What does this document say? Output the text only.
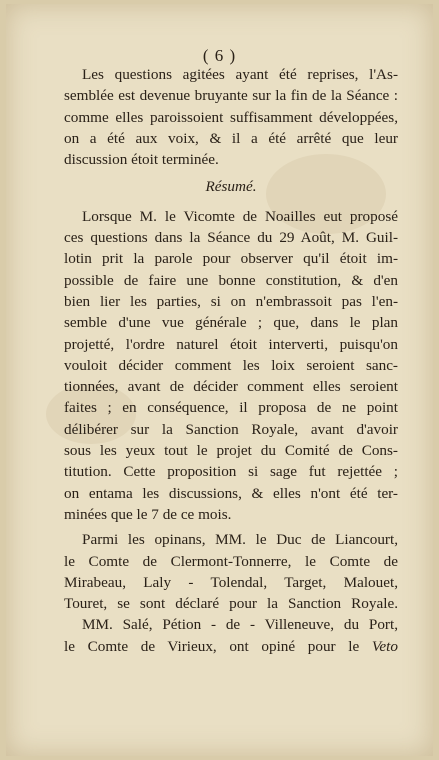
( 6 )
Les questions agitées ayant été reprises, l'As-
semblée est devenue bruyante sur la fin de la Séance :
comme elles paroissoient suffisamment développées,
on a été aux voix, & il a été arrêté que leur
discussion étoit terminée.
Résumé.
Lorsque M. le Vicomte de Noailles eut proposé
ces questions dans la Séance du 29 Août, M. Guil-
lotin prit la parole pour observer qu'il étoit im-
possible de faire une bonne constitution, & d'en
bien lier les parties, si on n'embrassoit pas l'en-
semble d'une vue générale ; que, dans le plan
projetté, l'ordre naturel étoit interverti, puisqu'on
vouloit décider comment les loix seroient sanc-
tionnées, avant de décider comment elles seroient
faites ; en conséquence, il proposa de ne point
délibérer sur la Sanction Royale, avant d'avoir
sous les yeux tout le projet du Comité de Cons-
titution. Cette proposition si sage fut rejettée ;
on entama les discussions, & elles n'ont été ter-
minées que le 7 de ce mois.
Parmi les opinans, MM. le Duc de Liancourt,
le Comte de Clermont-Tonnerre, le Comte de
Mirabeau, Laly - Tolendal, Target, Malouet,
Touret, se sont déclaré pour la Sanction Royale.
MM. Salé, Pétion - de - Villeneuve, du Port,
le Comte de Virieux, ont opiné pour le Veto
